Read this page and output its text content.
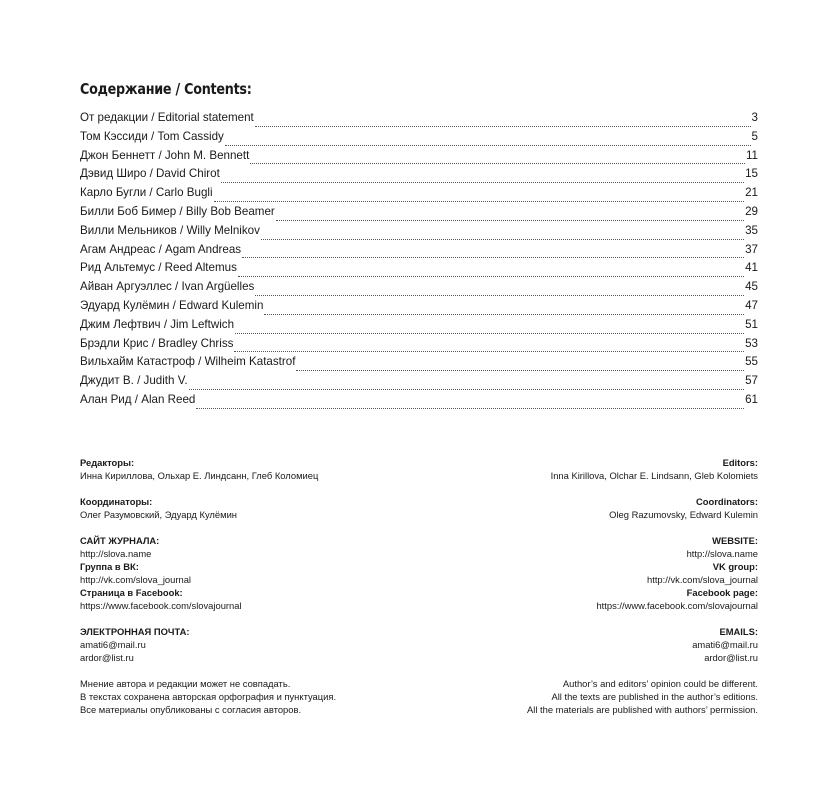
Содержание / Contents:
От редакции / Editorial statement	3
Том Кэссиди / Tom Cassidy	5
Джон Беннетт / John M. Bennett	11
Дэвид Широ / David Chirot	15
Карло Бугли / Carlo Bugli	21
Билли Боб Бимер / Billy Bob Beamer	29
Вилли Мельников / Willy Melnikov	35
Агам Андреас / Agam Andreas	37
Рид Альтемус / Reed Altemus	41
Айван Аргуэллес / Ivan Argüelles	45
Эдуард Кулёмин / Edward Kulemin	47
Джим Лефтвич / Jim Leftwich	51
Брэдли Крис / Bradley Chriss	53
Вильхайм Катастроф / Wilheim Katastrof	55
Джудит В. / Judith V.	57
Алан Рид / Alan Reed	61
Редакторы:
Инна Кириллова, Ольхар Е. Линдсанн, Глеб Коломиец
Координаторы:
Олег Разумовский, Эдуард Кулёмин
САЙТ ЖУРНАЛА:
http://slova.name
Группа в ВК:
http://vk.com/slova_journal
Страница в Facebook:
https://www.facebook.com/slovajournal
ЭЛЕКТРОННАЯ ПОЧТА:
amati6@mail.ru
ardor@list.ru
Мнение автора и редакции может не совпадать.
В текстах сохранена авторская орфография и пунктуация.
Все материалы опубликованы с согласия авторов.
Editors:
Inna Kirillova, Olchar E. Lindsann, Gleb Kolomiets
Coordinators:
Oleg Razumovsky, Edward Kulemin
WEBSITE:
http://slova.name
VK group:
http://vk.com/slova_journal
Facebook page:
https://www.facebook.com/slovajournal
EMAILS:
amati6@mail.ru
ardor@list.ru
Author’s and editors’ opinion could be different.
All the texts are published in the author’s editions.
All the materials are published with authors’ permission.
